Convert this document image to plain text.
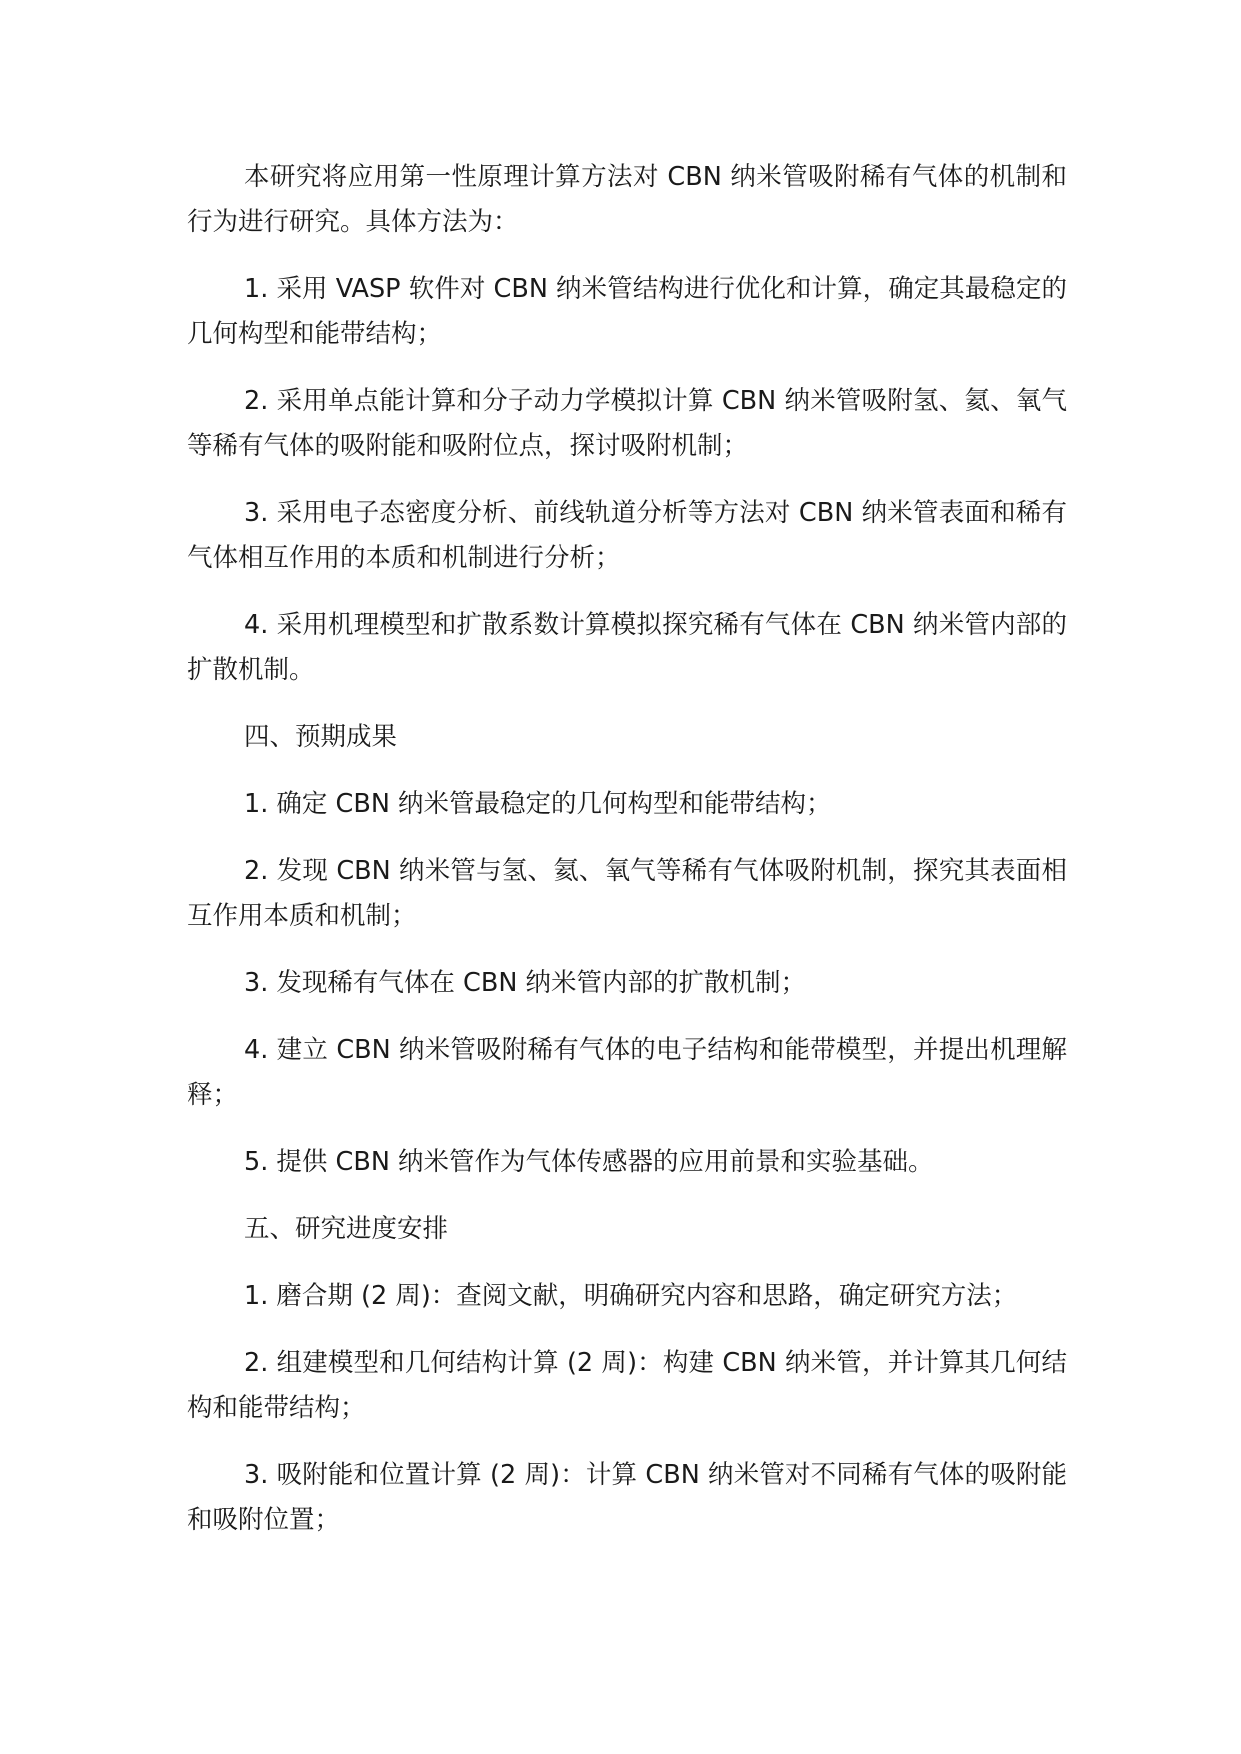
本研究将应用第一性原理计算方法对 CBN 纳米管吸附稀有气体的机制和行为进行研究。具体方法为：

1. 采用 VASP 软件对 CBN 纳米管结构进行优化和计算，确定其最稳定的几何构型和能带结构；

2. 采用单点能计算和分子动力学模拟计算 CBN 纳米管吸附氢、氦、氧气等稀有气体的吸附能和吸附位点，探讨吸附机制；

3. 采用电子态密度分析、前线轨道分析等方法对 CBN 纳米管表面和稀有气体相互作用的本质和机制进行分析；

4. 采用机理模型和扩散系数计算模拟探究稀有气体在 CBN 纳米管内部的扩散机制。

四、预期成果

1. 确定 CBN 纳米管最稳定的几何构型和能带结构；

2. 发现 CBN 纳米管与氢、氦、氧气等稀有气体吸附机制，探究其表面相互作用本质和机制；

3. 发现稀有气体在 CBN 纳米管内部的扩散机制；

4. 建立 CBN 纳米管吸附稀有气体的电子结构和能带模型，并提出机理解释；

5. 提供 CBN 纳米管作为气体传感器的应用前景和实验基础。

五、研究进度安排

1. 磨合期 (2 周)：查阅文献，明确研究内容和思路，确定研究方法；

2. 组建模型和几何结构计算 (2 周)：构建 CBN 纳米管，并计算其几何结构和能带结构；

3. 吸附能和位置计算 (2 周)：计算 CBN 纳米管对不同稀有气体的吸附能和吸附位置；
